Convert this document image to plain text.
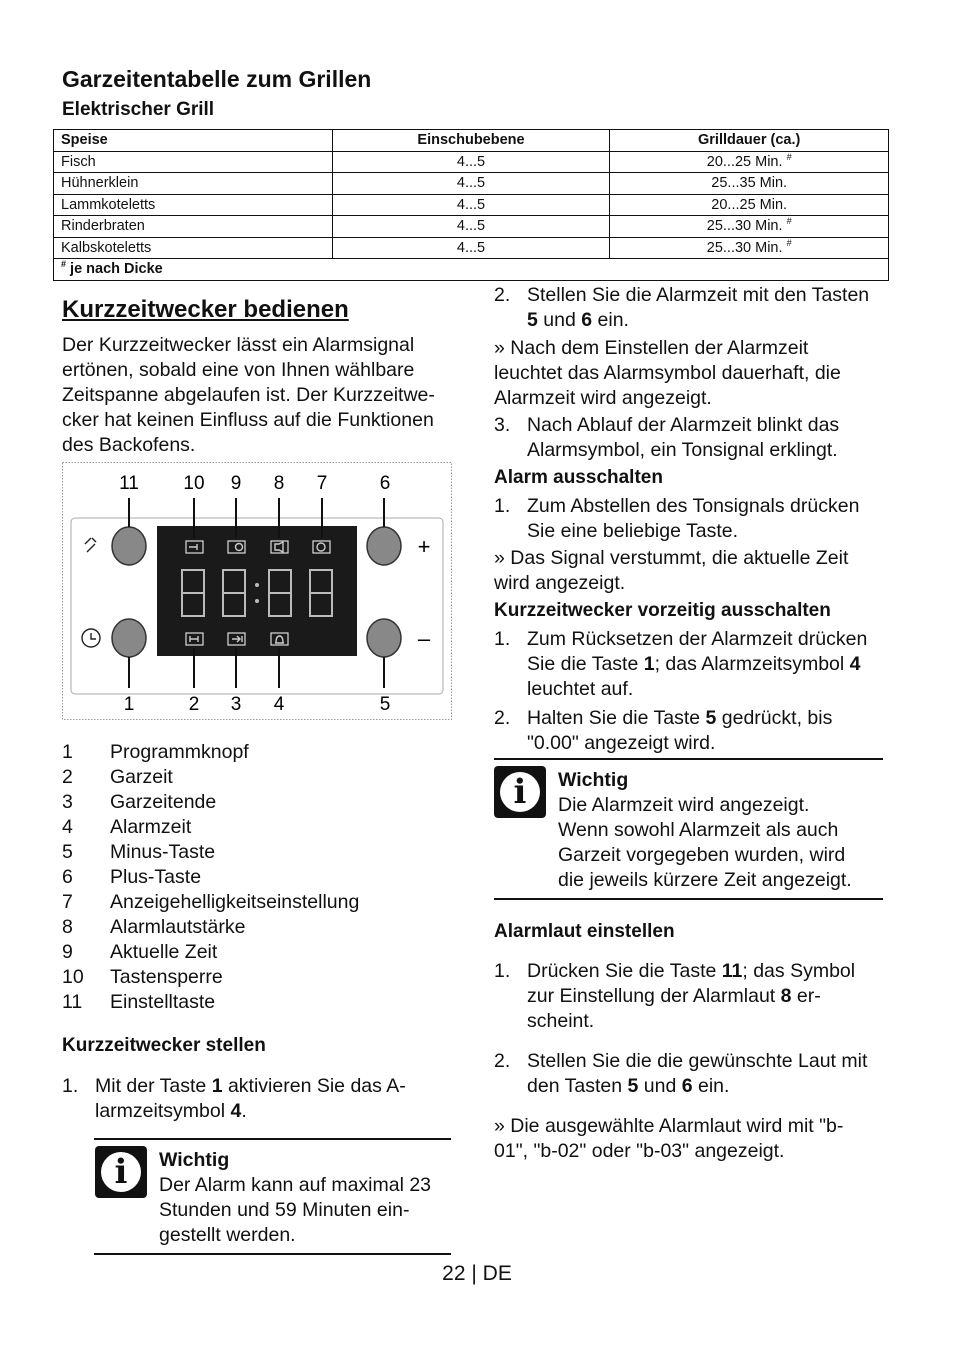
Garzeitentabelle zum Grillen
Elektrischer Grill
Speise	Einschubebene	Grilldauer (ca.)
Fisch	4...5	20...25 Min. #
Hühnerklein	4...5	25...35 Min.
Lammkoteletts	4...5	20...25 Min.
Rinderbraten	4...5	25...30 Min. #
Kalbskoteletts	4...5	25...30 Min. #
# je nach Dicke		
Kurzzeitwecker bedienen
Der Kurzzeitwecker lässt ein Alarmsignal
ertönen, sobald eine von Ihnen wählbare
Zeitspanne abgelaufen ist. Der Kurzzeitwe-
cker hat keinen Einfluss auf die Funktionen
des Backofens.
+
–
11 10 9 8 7	6
1	2 3 4	5
1	Programmknopf
2	Garzeit
3	Garzeitende
4	Alarmzeit
5	Minus-Taste
6	Plus-Taste
7	Anzeigehelligkeitseinstellung
8	Alarmlautstärke
9	Aktuelle Zeit
10	Tastensperre
11	Einstelltaste
Kurzzeitwecker stellen
1. Mit der Taste 1 aktivieren Sie das A-
larmzeitsymbol 4.
i	Wichtig
Der Alarm kann auf maximal 23
Stunden und 59 Minuten ein-
gestellt werden.
2. Stellen Sie die Alarmzeit mit den Tasten
5 und 6 ein.
» Nach dem Einstellen der Alarmzeit
leuchtet das Alarmsymbol dauerhaft, die
Alarmzeit wird angezeigt.
3. Nach Ablauf der Alarmzeit blinkt das
Alarmsymbol, ein Tonsignal erklingt.
Alarm ausschalten
1. Zum Abstellen des Tonsignals drücken
Sie eine beliebige Taste.
» Das Signal verstummt, die aktuelle Zeit
wird angezeigt.
Kurzzeitwecker vorzeitig ausschalten
1. Zum Rücksetzen der Alarmzeit drücken
Sie die Taste 1; das Alarmzeitsymbol 4
leuchtet auf.
2. Halten Sie die Taste 5 gedrückt, bis
"0.00" angezeigt wird.
i	Wichtig
Die Alarmzeit wird angezeigt.
Wenn sowohl Alarmzeit als auch
Garzeit vorgegeben wurden, wird
die jeweils kürzere Zeit angezeigt.
Alarmlaut einstellen
1. Drücken Sie die Taste 11; das Symbol
zur Einstellung der Alarmlaut 8 er-
scheint.
2. Stellen Sie die die gewünschte Laut mit
den Tasten 5 und 6 ein.
» Die ausgewählte Alarmlaut wird mit "b-
01", "b-02" oder "b-03" angezeigt.
22 | DE
